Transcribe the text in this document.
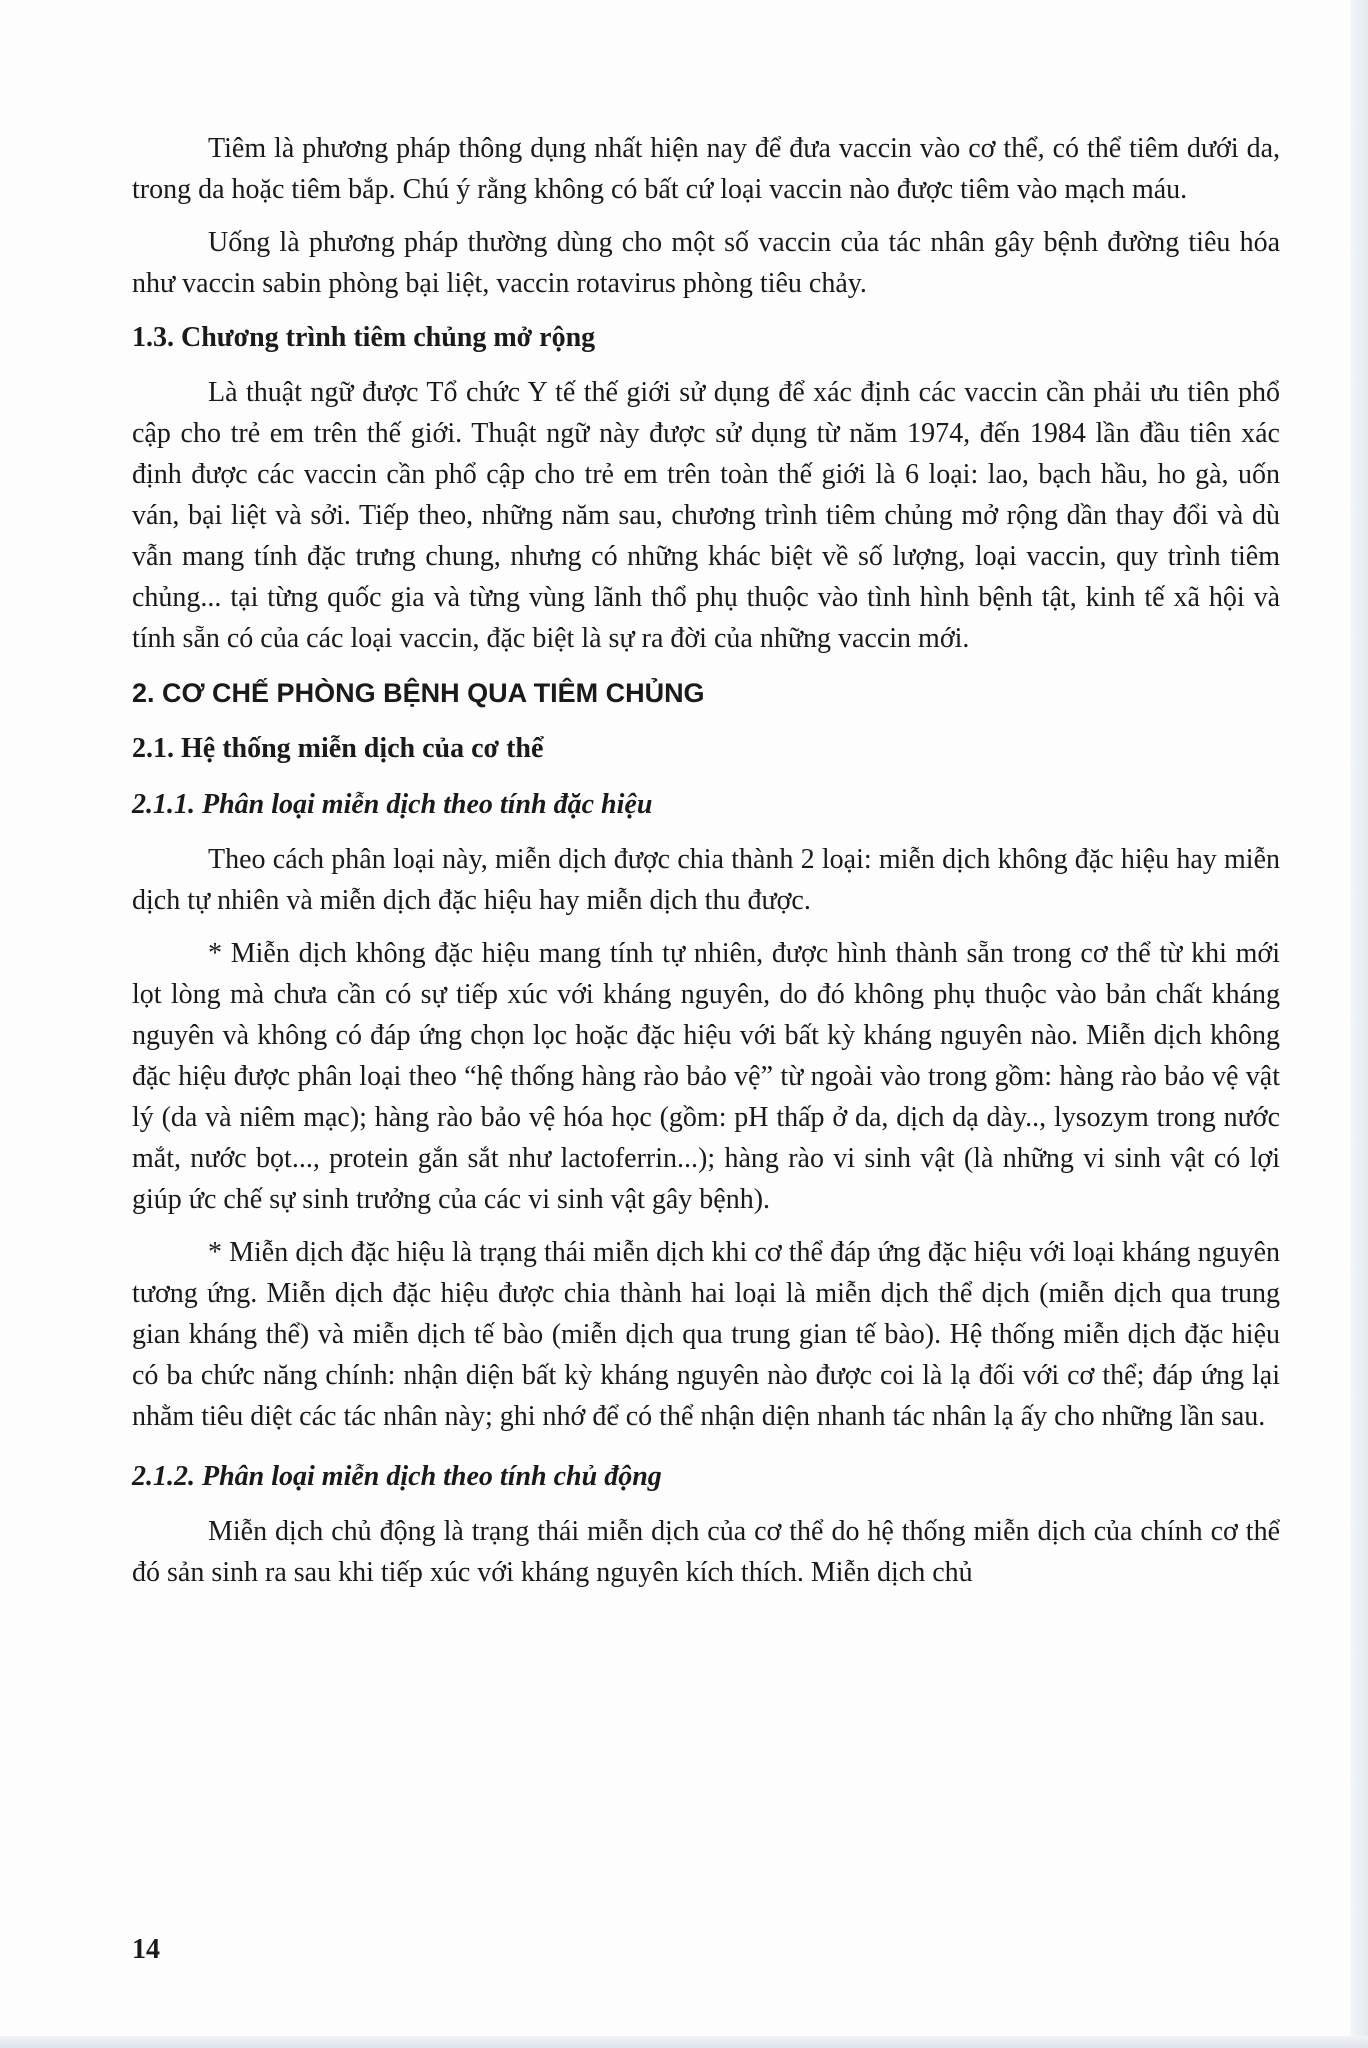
Tiêm là phương pháp thông dụng nhất hiện nay để đưa vaccin vào cơ thể, có thể tiêm dưới da, trong da hoặc tiêm bắp. Chú ý rằng không có bất cứ loại vaccin nào được tiêm vào mạch máu.

Uống là phương pháp thường dùng cho một số vaccin của tác nhân gây bệnh đường tiêu hóa như vaccin sabin phòng bại liệt, vaccin rotavirus phòng tiêu chảy.

1.3. Chương trình tiêm chủng mở rộng

Là thuật ngữ được Tổ chức Y tế thế giới sử dụng để xác định các vaccin cần phải ưu tiên phổ cập cho trẻ em trên thế giới. Thuật ngữ này được sử dụng từ năm 1974, đến 1984 lần đầu tiên xác định được các vaccin cần phổ cập cho trẻ em trên toàn thế giới là 6 loại: lao, bạch hầu, ho gà, uốn ván, bại liệt và sởi. Tiếp theo, những năm sau, chương trình tiêm chủng mở rộng dần thay đổi và dù vẫn mang tính đặc trưng chung, nhưng có những khác biệt về số lượng, loại vaccin, quy trình tiêm chủng... tại từng quốc gia và từng vùng lãnh thổ phụ thuộc vào tình hình bệnh tật, kinh tế xã hội và tính sẵn có của các loại vaccin, đặc biệt là sự ra đời của những vaccin mới.

2. CƠ CHẾ PHÒNG BỆNH QUA TIÊM CHỦNG
2.1. Hệ thống miễn dịch của cơ thể
2.1.1. Phân loại miễn dịch theo tính đặc hiệu

Theo cách phân loại này, miễn dịch được chia thành 2 loại: miễn dịch không đặc hiệu hay miễn dịch tự nhiên và miễn dịch đặc hiệu hay miễn dịch thu được.

* Miễn dịch không đặc hiệu mang tính tự nhiên, được hình thành sẵn trong cơ thể từ khi mới lọt lòng mà chưa cần có sự tiếp xúc với kháng nguyên, do đó không phụ thuộc vào bản chất kháng nguyên và không có đáp ứng chọn lọc hoặc đặc hiệu với bất kỳ kháng nguyên nào. Miễn dịch không đặc hiệu được phân loại theo “hệ thống hàng rào bảo vệ” từ ngoài vào trong gồm: hàng rào bảo vệ vật lý (da và niêm mạc); hàng rào bảo vệ hóa học (gồm: pH thấp ở da, dịch dạ dày.., lysozym trong nước mắt, nước bọt..., protein gắn sắt như lactoferrin...); hàng rào vi sinh vật (là những vi sinh vật có lợi giúp ức chế sự sinh trưởng của các vi sinh vật gây bệnh).

* Miễn dịch đặc hiệu là trạng thái miễn dịch khi cơ thể đáp ứng đặc hiệu với loại kháng nguyên tương ứng. Miễn dịch đặc hiệu được chia thành hai loại là miễn dịch thể dịch (miễn dịch qua trung gian kháng thể) và miễn dịch tế bào (miễn dịch qua trung gian tế bào). Hệ thống miễn dịch đặc hiệu có ba chức năng chính: nhận diện bất kỳ kháng nguyên nào được coi là lạ đối với cơ thể; đáp ứng lại nhằm tiêu diệt các tác nhân này; ghi nhớ để có thể nhận diện nhanh tác nhân lạ ấy cho những lần sau.

2.1.2. Phân loại miễn dịch theo tính chủ động

Miễn dịch chủ động là trạng thái miễn dịch của cơ thể do hệ thống miễn dịch của chính cơ thể đó sản sinh ra sau khi tiếp xúc với kháng nguyên kích thích. Miễn dịch chủ

14
